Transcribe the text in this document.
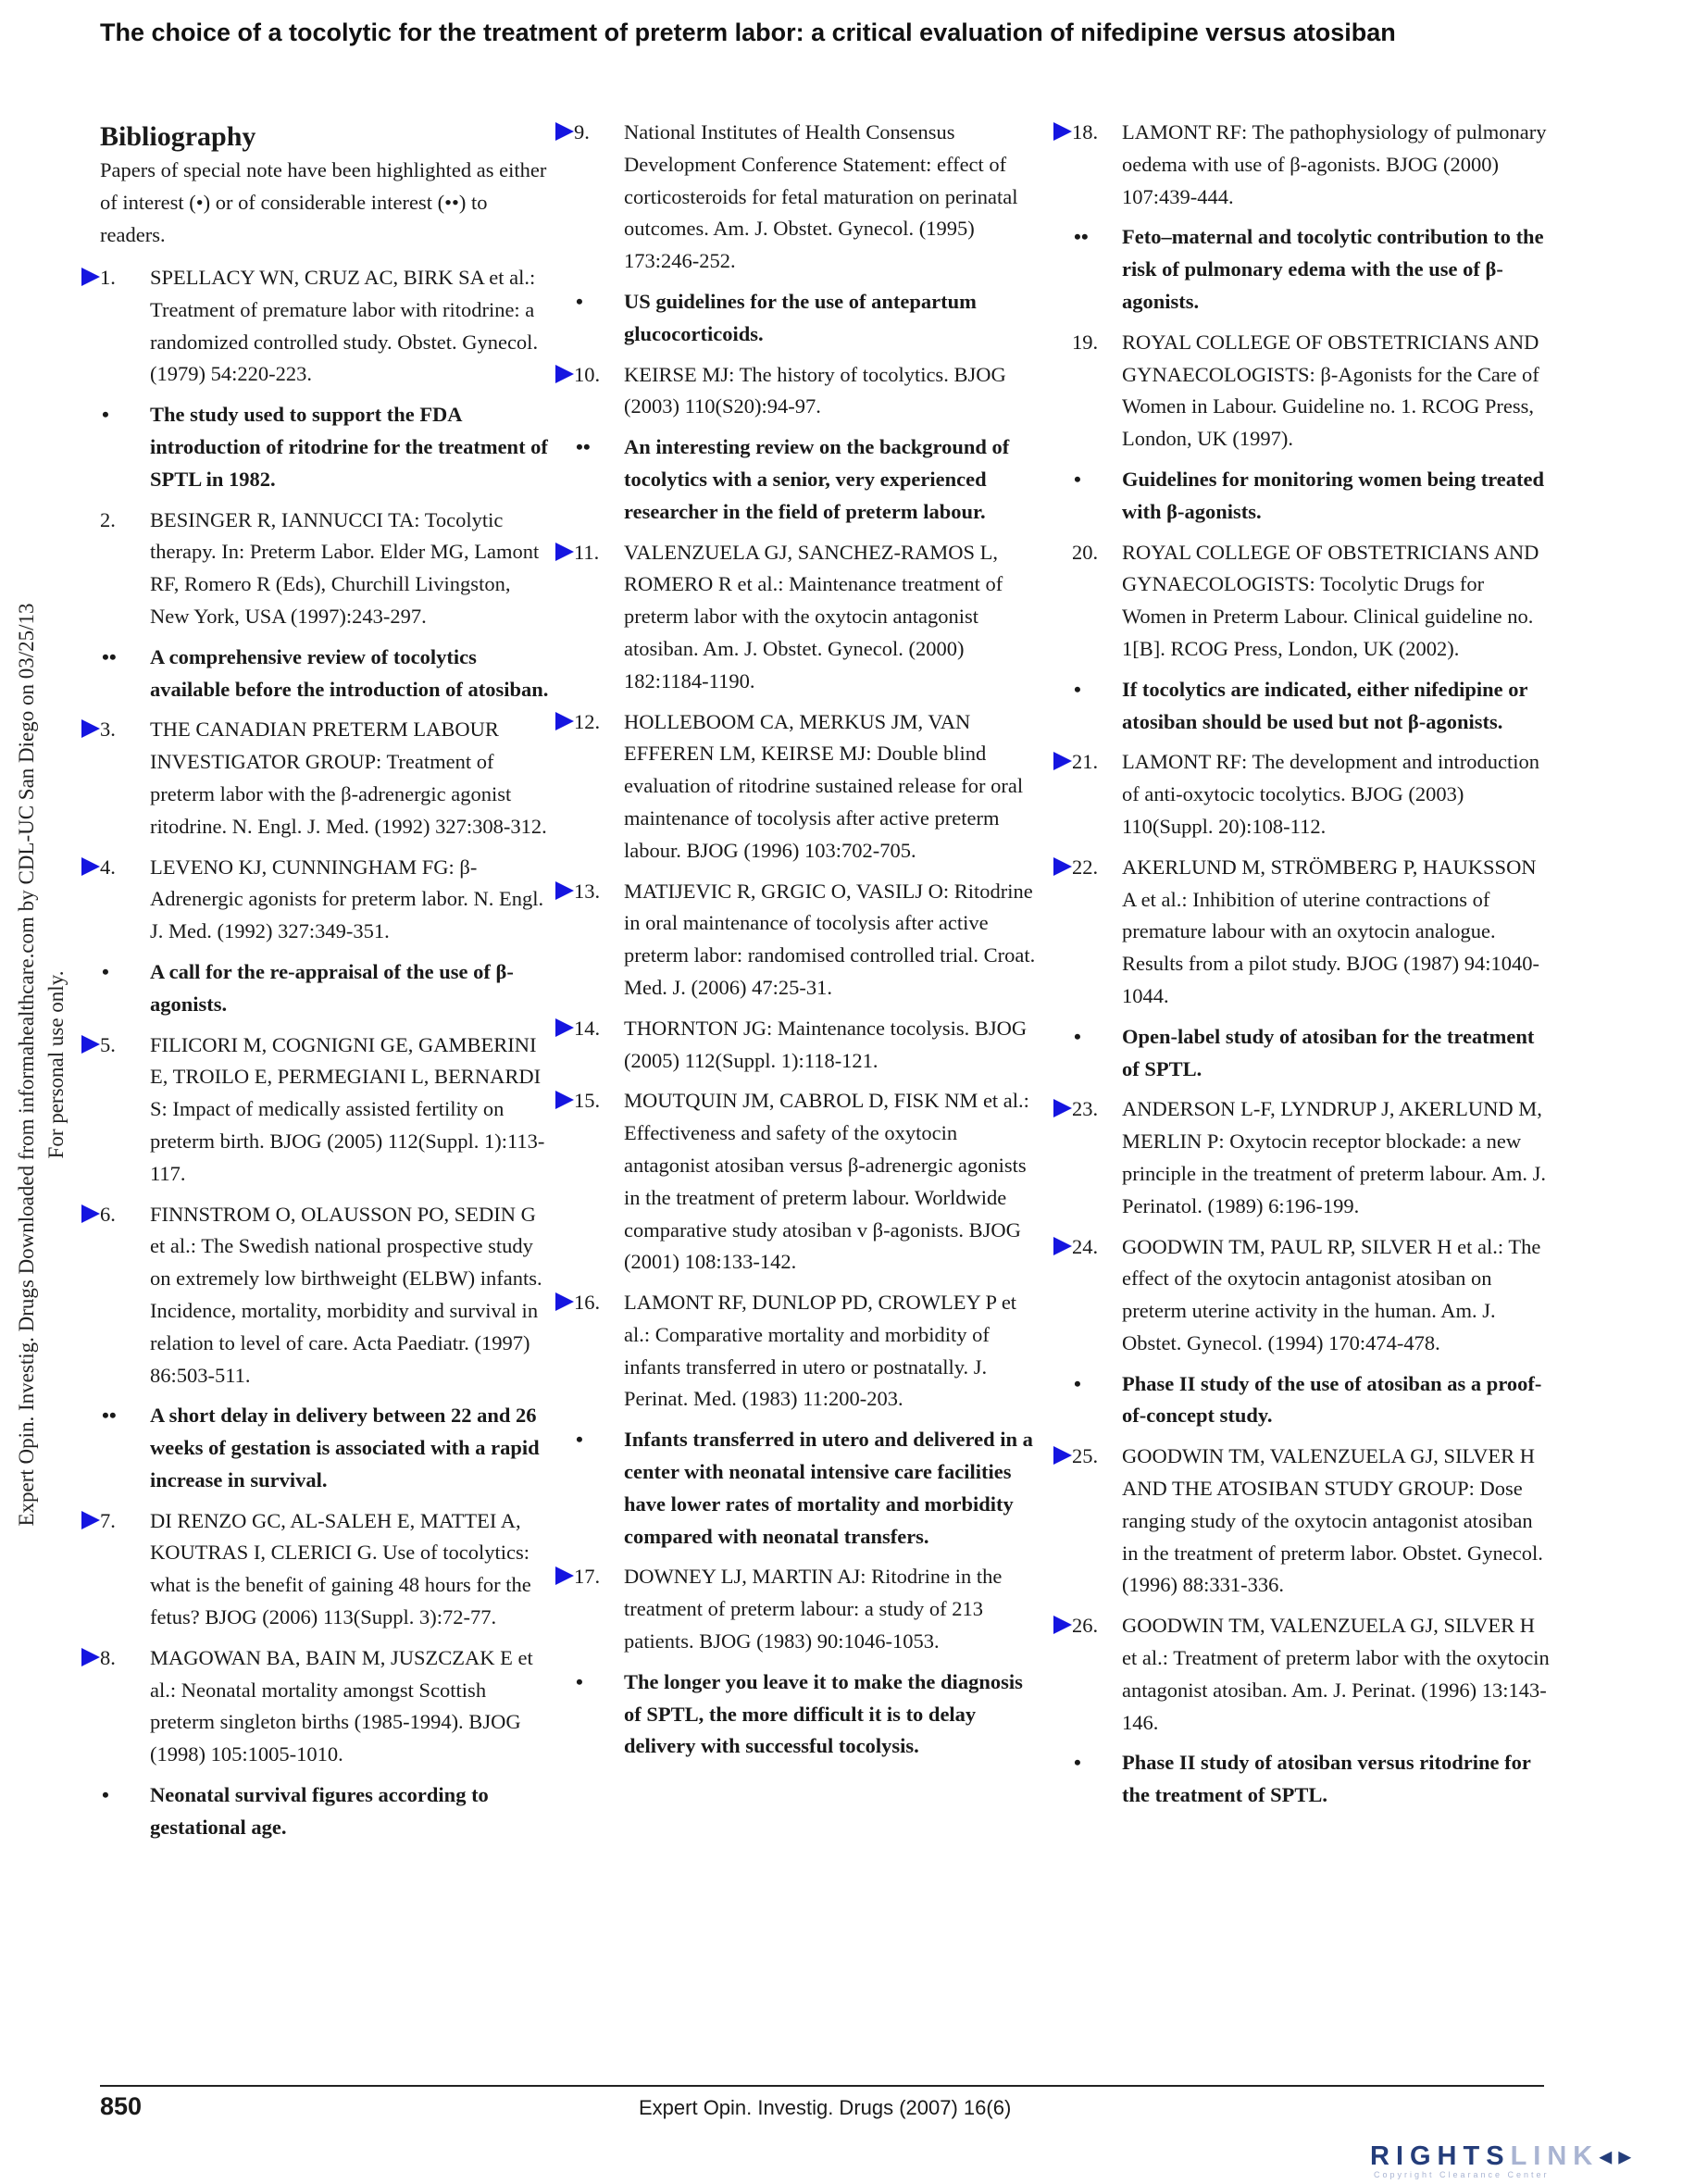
The choice of a tocolytic for the treatment of preterm labor: a critical evaluation of nifedipine versus atosiban
Expert Opin. Investig. Drugs Downloaded from informahealthcare.com by CDL-UC San Diego on 03/25/13 For personal use only.
Bibliography
Papers of special note have been highlighted as either of interest (•) or of considerable interest (••) to readers.
1. SPELLACY WN, CRUZ AC, BIRK SA et al.: Treatment of premature labor with ritodrine: a randomized controlled study. Obstet. Gynecol. (1979) 54:220-223.
• The study used to support the FDA introduction of ritodrine for the treatment of SPTL in 1982.
2. BESINGER R, IANNUCCI TA: Tocolytic therapy. In: Preterm Labor. Elder MG, Lamont RF, Romero R (Eds), Churchill Livingston, New York, USA (1997):243-297.
•• A comprehensive review of tocolytics available before the introduction of atosiban.
3. THE CANADIAN PRETERM LABOUR INVESTIGATOR GROUP: Treatment of preterm labor with the β-adrenergic agonist ritodrine. N. Engl. J. Med. (1992) 327:308-312.
4. LEVENO KJ, CUNNINGHAM FG: β-Adrenergic agonists for preterm labor. N. Engl. J. Med. (1992) 327:349-351.
• A call for the re-appraisal of the use of β-agonists.
5. FILICORI M, COGNIGNI GE, GAMBERINI E, TROILO E, PERMEGIANI L, BERNARDI S: Impact of medically assisted fertility on preterm birth. BJOG (2005) 112(Suppl. 1):113-117.
6. FINNSTROM O, OLAUSSON PO, SEDIN G et al.: The Swedish national prospective study on extremely low birthweight (ELBW) infants. Incidence, mortality, morbidity and survival in relation to level of care. Acta Paediatr. (1997) 86:503-511.
•• A short delay in delivery between 22 and 26 weeks of gestation is associated with a rapid increase in survival.
7. DI RENZO GC, AL-SALEH E, MATTEI A, KOUTRAS I, CLERICI G. Use of tocolytics: what is the benefit of gaining 48 hours for the fetus? BJOG (2006) 113(Suppl. 3):72-77.
8. MAGOWAN BA, BAIN M, JUSZCZAK E et al.: Neonatal mortality amongst Scottish preterm singleton births (1985-1994). BJOG (1998) 105:1005-1010.
• Neonatal survival figures according to gestational age.
9. National Institutes of Health Consensus Development Conference Statement: effect of corticosteroids for fetal maturation on perinatal outcomes. Am. J. Obstet. Gynecol. (1995) 173:246-252.
• US guidelines for the use of antepartum glucocorticoids.
10. KEIRSE MJ: The history of tocolytics. BJOG (2003) 110(S20):94-97.
•• An interesting review on the background of tocolytics with a senior, very experienced researcher in the field of preterm labour.
11. VALENZUELA GJ, SANCHEZ-RAMOS L, ROMERO R et al.: Maintenance treatment of preterm labor with the oxytocin antagonist atosiban. Am. J. Obstet. Gynecol. (2000) 182:1184-1190.
12. HOLLEBOOM CA, MERKUS JM, VAN EFFEREN LM, KEIRSE MJ: Double blind evaluation of ritodrine sustained release for oral maintenance of tocolysis after active preterm labour. BJOG (1996) 103:702-705.
13. MATIJEVIC R, GRGIC O, VASILJ O: Ritodrine in oral maintenance of tocolysis after active preterm labor: randomised controlled trial. Croat. Med. J. (2006) 47:25-31.
14. THORNTON JG: Maintenance tocolysis. BJOG (2005) 112(Suppl. 1):118-121.
15. MOUTQUIN JM, CABROL D, FISK NM et al.: Effectiveness and safety of the oxytocin antagonist atosiban versus β-adrenergic agonists in the treatment of preterm labour. Worldwide comparative study atosiban v β-agonists. BJOG (2001) 108:133-142.
16. LAMONT RF, DUNLOP PD, CROWLEY P et al.: Comparative mortality and morbidity of infants transferred in utero or postnatally. J. Perinat. Med. (1983) 11:200-203.
• Infants transferred in utero and delivered in a center with neonatal intensive care facilities have lower rates of mortality and morbidity compared with neonatal transfers.
17. DOWNEY LJ, MARTIN AJ: Ritodrine in the treatment of preterm labour: a study of 213 patients. BJOG (1983) 90:1046-1053.
• The longer you leave it to make the diagnosis of SPTL, the more difficult it is to delay delivery with successful tocolysis.
18. LAMONT RF: The pathophysiology of pulmonary oedema with use of β-agonists. BJOG (2000) 107:439-444.
•• Feto–maternal and tocolytic contribution to the risk of pulmonary edema with the use of β-agonists.
19. ROYAL COLLEGE OF OBSTETRICIANS AND GYNAECOLOGISTS: β-Agonists for the Care of Women in Labour. Guideline no. 1. RCOG Press, London, UK (1997).
• Guidelines for monitoring women being treated with β-agonists.
20. ROYAL COLLEGE OF OBSTETRICIANS AND GYNAECOLOGISTS: Tocolytic Drugs for Women in Preterm Labour. Clinical guideline no. 1[B]. RCOG Press, London, UK (2002).
• If tocolytics are indicated, either nifedipine or atosiban should be used but not β-agonists.
21. LAMONT RF: The development and introduction of anti-oxytocic tocolytics. BJOG (2003) 110(Suppl. 20):108-112.
22. AKERLUND M, STRÖMBERG P, HAUKSSON A et al.: Inhibition of uterine contractions of premature labour with an oxytocin analogue. Results from a pilot study. BJOG (1987) 94:1040-1044.
• Open-label study of atosiban for the treatment of SPTL.
23. ANDERSON L-F, LYNDRUP J, AKERLUND M, MERLIN P: Oxytocin receptor blockade: a new principle in the treatment of preterm labour. Am. J. Perinatol. (1989) 6:196-199.
24. GOODWIN TM, PAUL RP, SILVER H et al.: The effect of the oxytocin antagonist atosiban on preterm uterine activity in the human. Am. J. Obstet. Gynecol. (1994) 170:474-478.
• Phase II study of the use of atosiban as a proof-of-concept study.
25. GOODWIN TM, VALENZUELA GJ, SILVER H AND THE ATOSIBAN STUDY GROUP: Dose ranging study of the oxytocin antagonist atosiban in the treatment of preterm labor. Obstet. Gynecol. (1996) 88:331-336.
26. GOODWIN TM, VALENZUELA GJ, SILVER H et al.: Treatment of preterm labor with the oxytocin antagonist atosiban. Am. J. Perinat. (1996) 13:143-146.
• Phase II study of atosiban versus ritodrine for the treatment of SPTL.
850	Expert Opin. Investig. Drugs (2007) 16(6)
RIGHTSLINK◂▸
Copyright Clearance Center
